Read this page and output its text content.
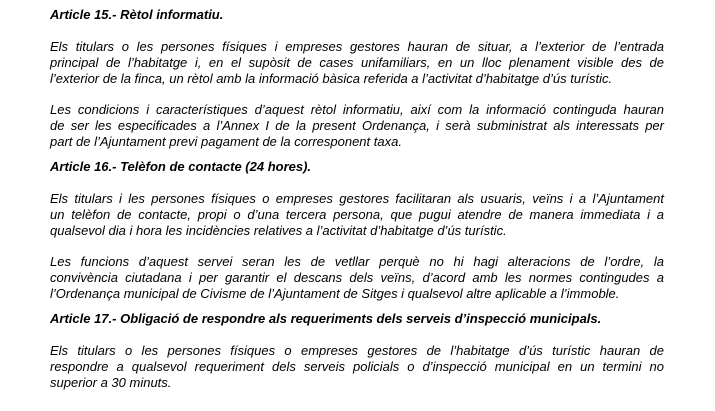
Article 15.- Rètol informatiu.

Els titulars o les persones físiques i empreses gestores hauran de situar, a l’exterior de l’entrada
principal de l’habitatge i, en el supòsit de cases unifamiliars, en un lloc plenament visible des de
l’exterior de la finca, un rètol amb la informació bàsica referida a l’activitat d’habitatge d’ús turístic.

Les condicions i característiques d’aquest rètol informatiu, així com la informació continguda hauran
de ser les especificades a l’Annex I de la present Ordenança, i serà subministrat als interessats per
part de l’Ajuntament previ pagament de la corresponent taxa.

Article 16.- Telèfon de contacte (24 hores).

Els titulars i les persones físiques o empreses gestores facilitaran als usuaris, veïns i a l’Ajuntament
un telèfon de contacte, propi o d’una tercera persona, que pugui atendre de manera immediata i a
qualsevol dia i hora les incidències relatives a l’activitat d’habitatge d’ús turístic.

Les funcions d’aquest servei seran les de vetllar perquè no hi hagi alteracions de l’ordre, la
convivència ciutadana i per garantir el descans dels veïns, d’acord amb les normes contingudes a
l’Ordenança municipal de Civisme de l’Ajuntament de Sitges i qualsevol altre aplicable a l’immoble.

Article 17.- Obligació de respondre als requeriments dels serveis d’inspecció municipals.

Els titulars o les persones físiques o empreses gestores de l’habitatge d’ús turístic hauran de
respondre a qualsevol requeriment dels serveis policials o d’inspecció municipal en un termini no
superior a 30 minuts.
